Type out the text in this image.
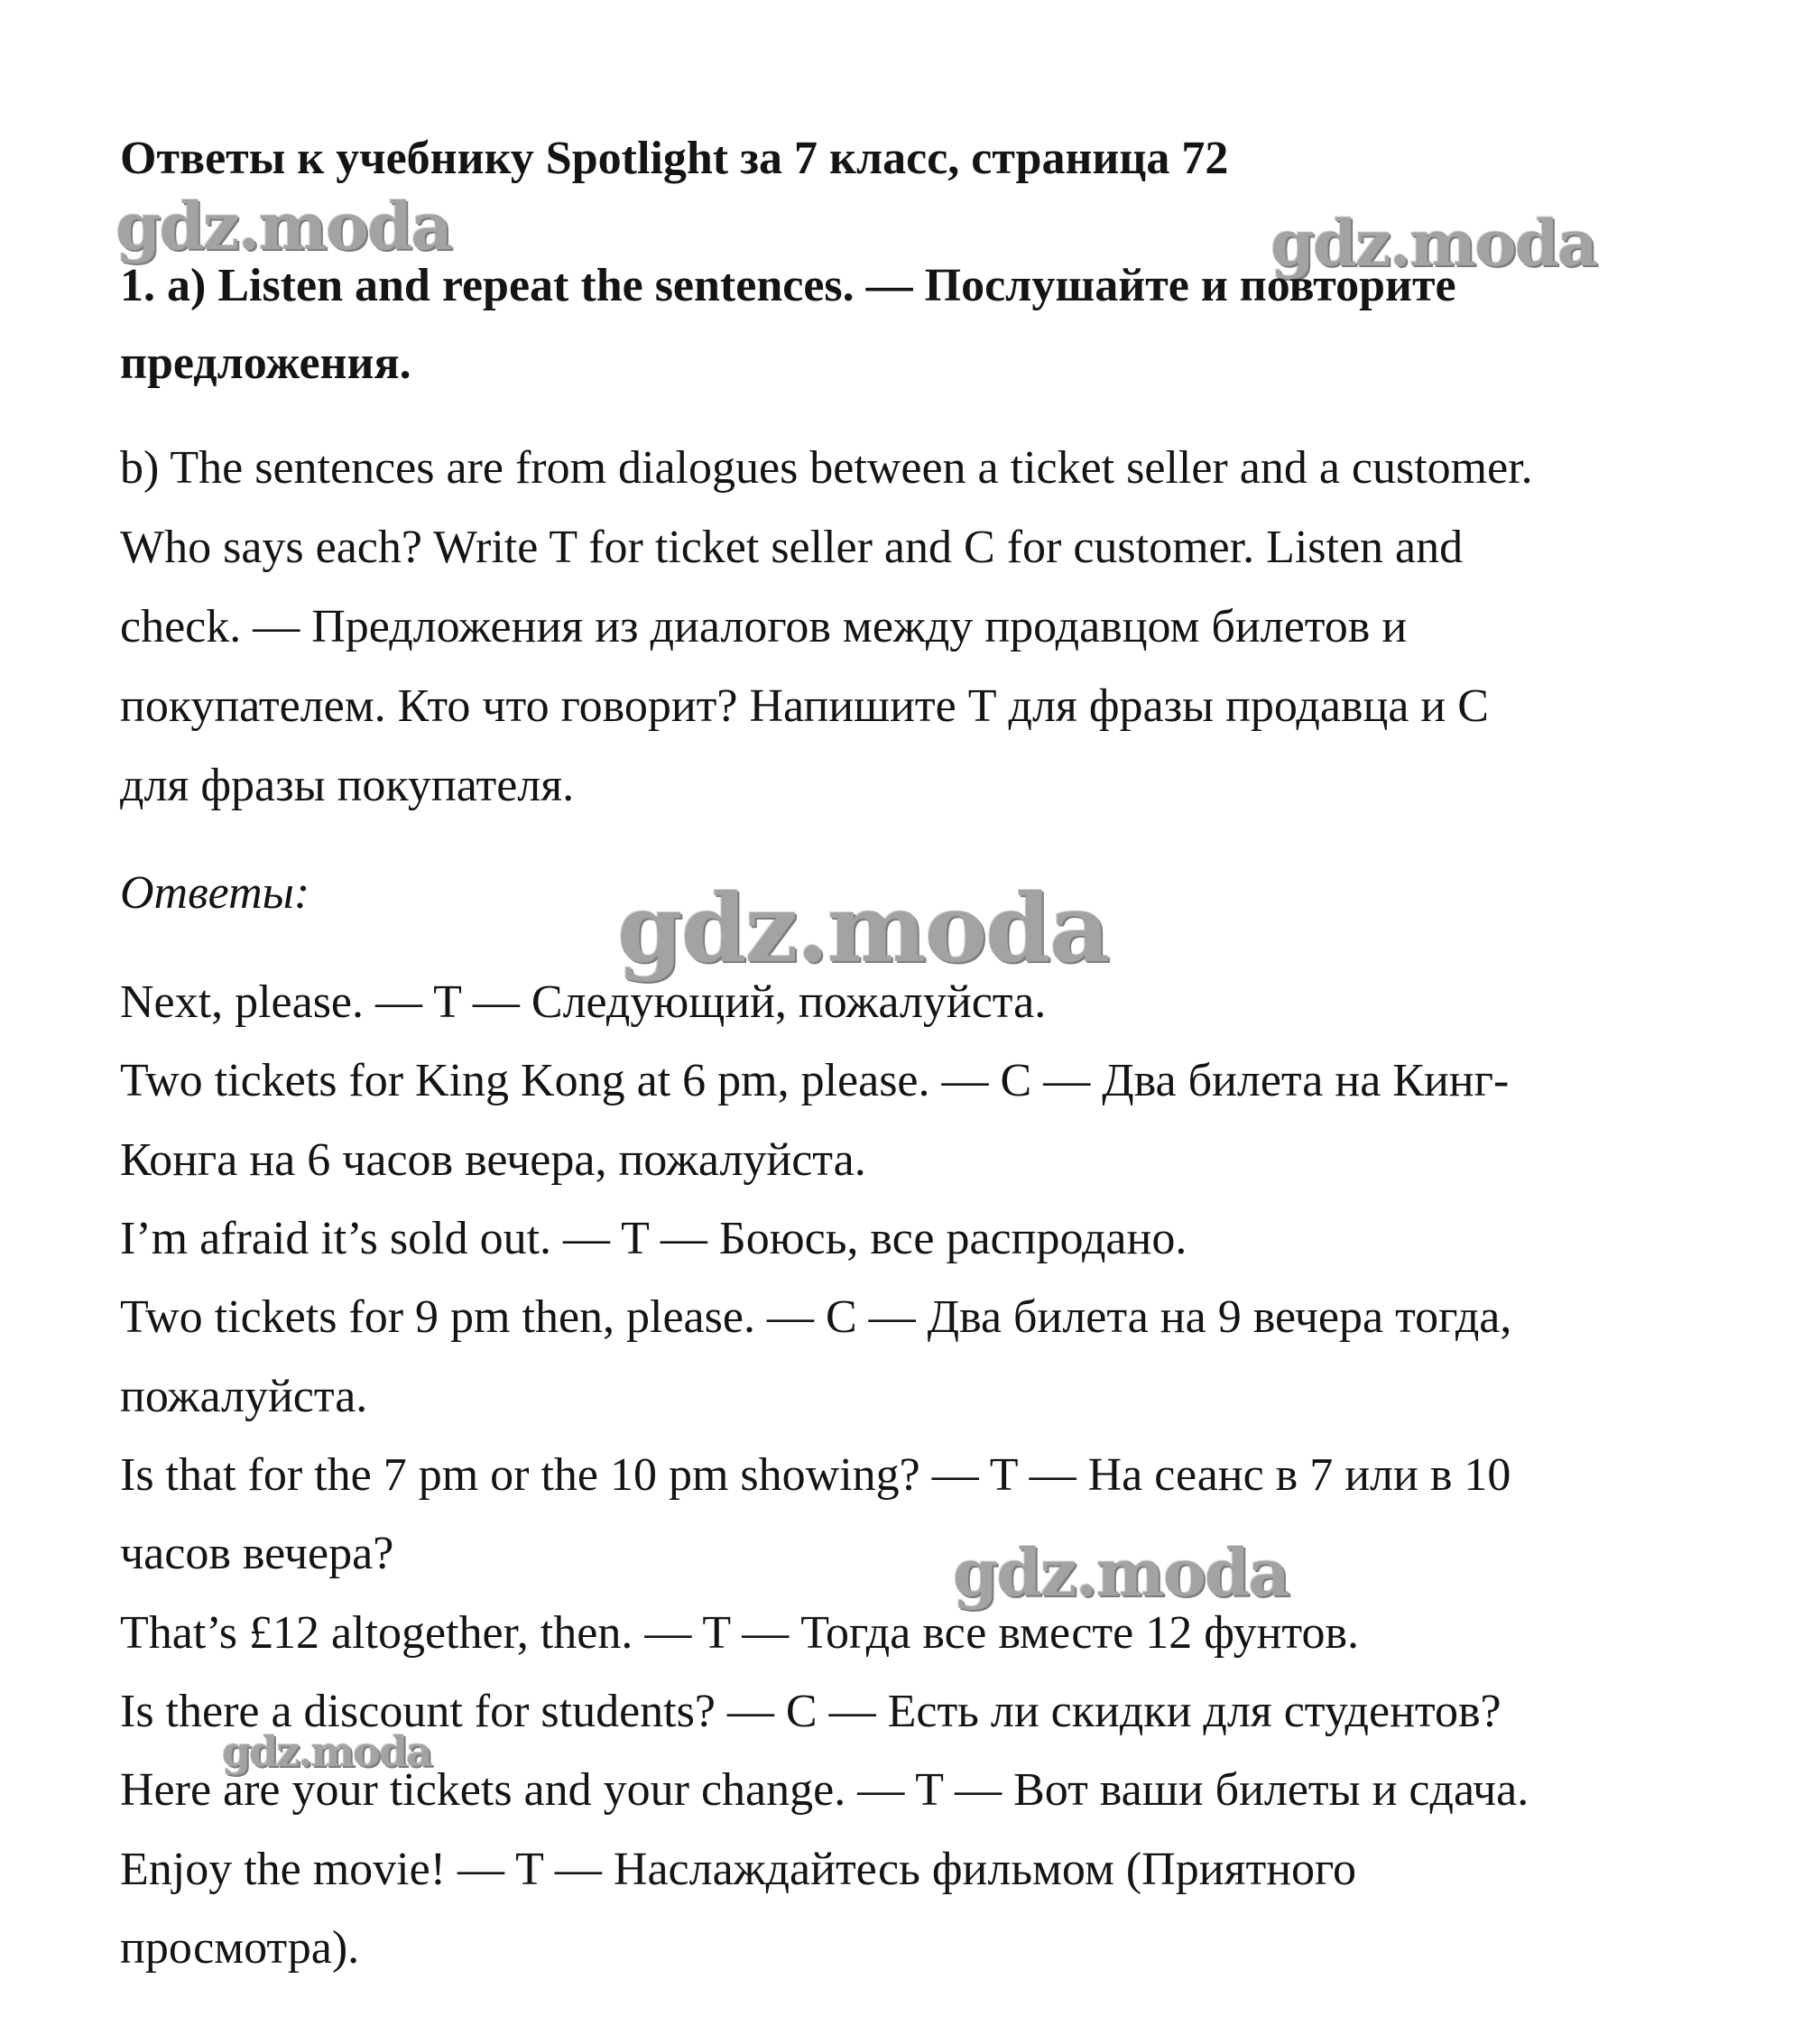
gdz.moda	gdz.moda
gdz.moda
gdz.moda
gdz.moda
Ответы к учебнику Spotlight за 7 класс, страница 72
1. a) Listen and repeat the sentences. — Послушайте и повторите
предложения.
b) The sentences are from dialogues between a ticket seller and a customer.
Who says each? Write T for ticket seller and C for customer. Listen and
check. — Предложения из диалогов между продавцом билетов и
покупателем. Кто что говорит? Напишите Т для фразы продавца и С
для фразы покупателя.
Ответы:
Next, please. — T — Следующий, пожалуйста.
Two tickets for King Kong at 6 pm, please. — C — Два билета на Кинг-
Конга на 6 часов вечера, пожалуйста.
I’m afraid it’s sold out. — T — Боюсь, все распродано.
Two tickets for 9 pm then, please. — C — Два билета на 9 вечера тогда,
пожалуйста.
Is that for the 7 pm or the 10 pm showing? — T — На сеанс в 7 или в 10
часов вечера?
That’s £12 altogether, then. — T — Тогда все вместе 12 фунтов.
Is there a discount for students? — C — Есть ли скидки для студентов?
Here are your tickets and your change. — T — Вот ваши билеты и сдача.
Enjoy the movie! — T — Наслаждайтесь фильмом (Приятного
просмотра).
